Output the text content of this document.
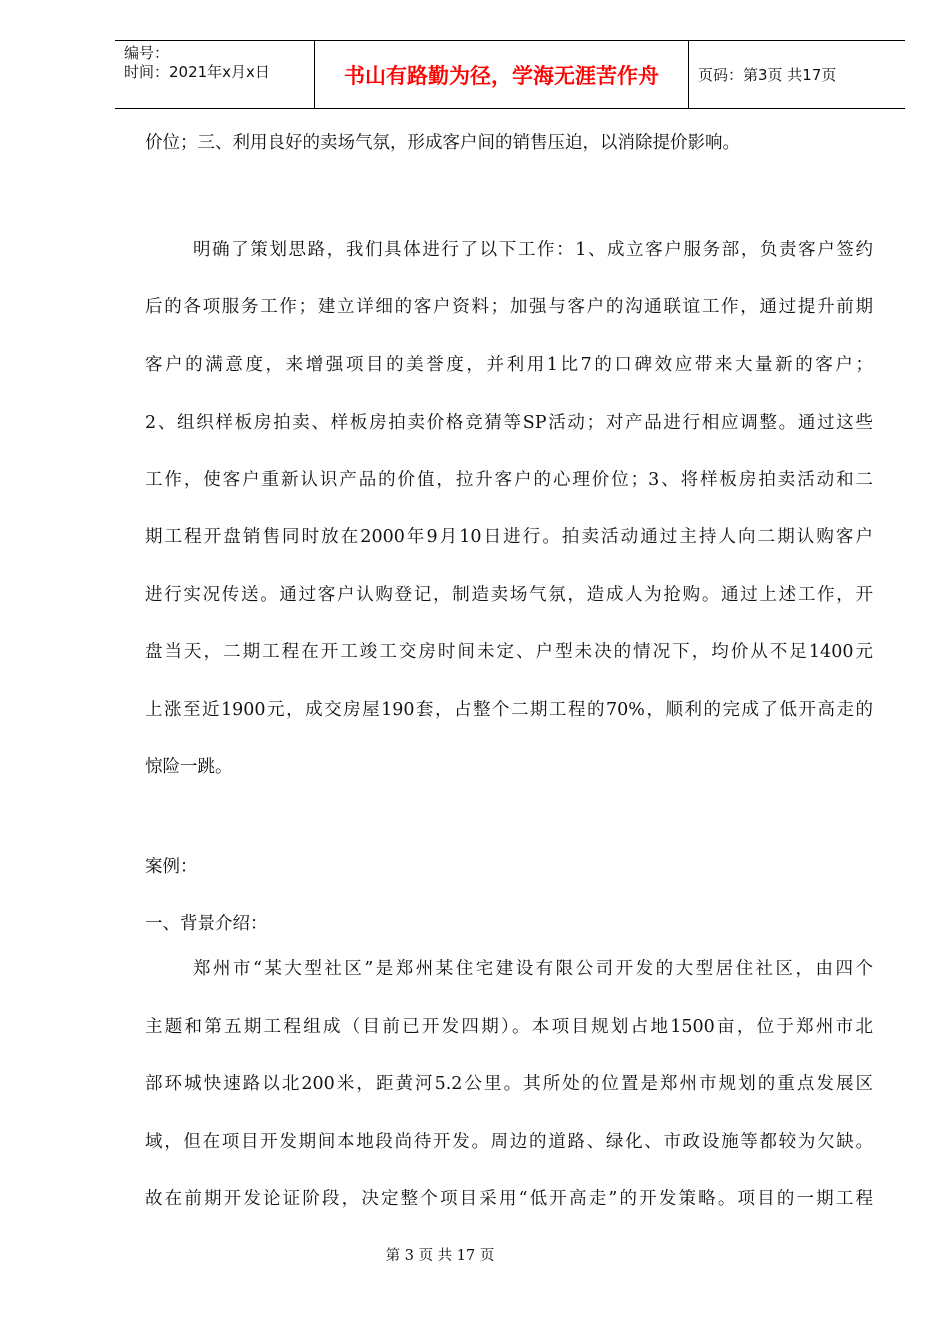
编号：
时间：2021年x月x日	书山有路勤为径，学海无涯苦作舟	页码：第3页 共17页
价位；三、利用良好的卖场气氛，形成客户间的销售压迫，以消除提价影响。
明确了策划思路，我们具体进行了以下工作：1、成立客户服务部，负责客户签约
后的各项服务工作；建立详细的客户资料；加强与客户的沟通联谊工作，通过提升前期
客户的满意度，来增强项目的美誉度，并利用1比7的口碑效应带来大量新的客户；
2、组织样板房拍卖、样板房拍卖价格竞猜等SP活动；对产品进行相应调整。通过这些
工作，使客户重新认识产品的价值，拉升客户的心理价位；3、将样板房拍卖活动和二
期工程开盘销售同时放在2000年9月10日进行。拍卖活动通过主持人向二期认购客户
进行实况传送。通过客户认购登记，制造卖场气氛，造成人为抢购。通过上述工作，开
盘当天，二期工程在开工竣工交房时间未定、户型未决的情况下，均价从不足1400元
上涨至近1900元，成交房屋190套，占整个二期工程的70%，顺利的完成了低开高走的
惊险一跳。
案例：
一、背景介绍：
郑州市“某大型社区”是郑州某住宅建设有限公司开发的大型居住社区，由四个
主题和第五期工程组成（目前已开发四期）。本项目规划占地1500亩，位于郑州市北
部环城快速路以北200米，距黄河5.2公里。其所处的位置是郑州市规划的重点发展区
域，但在项目开发期间本地段尚待开发。周边的道路、绿化、市政设施等都较为欠缺。
故在前期开发论证阶段，决定整个项目采用“低开高走”的开发策略。项目的一期工程
第 3 页 共 17 页
